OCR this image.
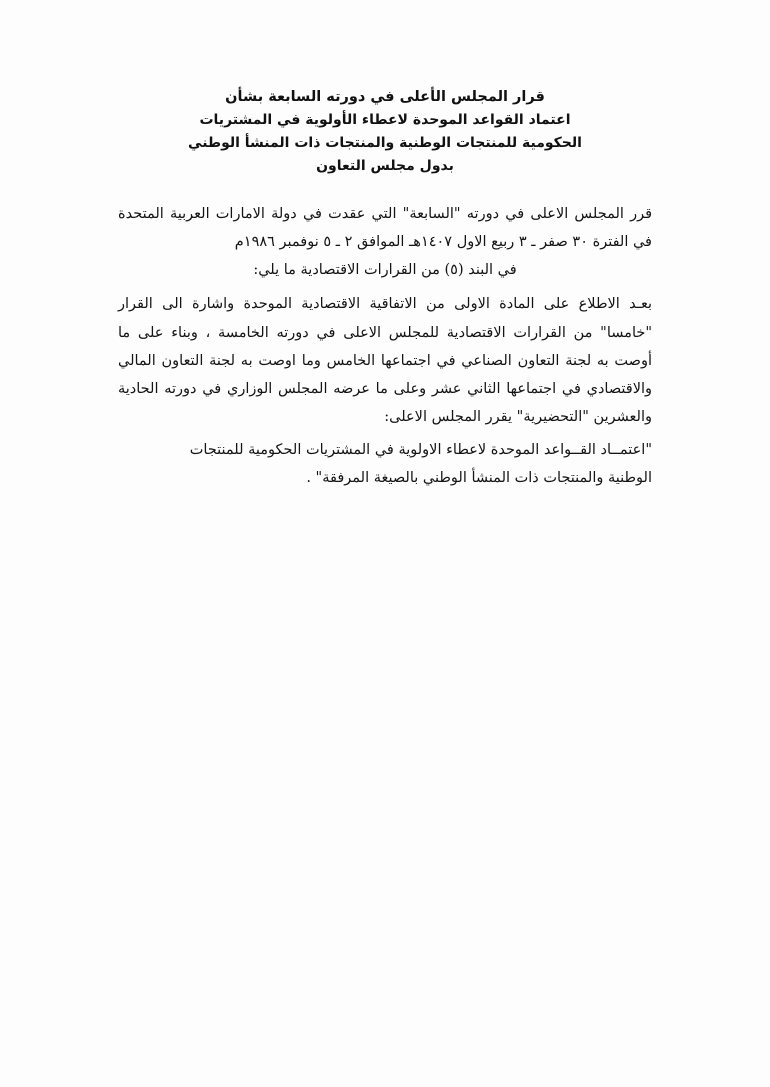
قرار المجلس الأعلى في دورته السابعة بشأن
اعتماد القواعد الموحدة لاعطاء الأولوية في المشتريات
الحكومية للمنتجات الوطنية والمنتجات ذات المنشأ الوطني
بدول مجلس التعاون

قرر المجلس الاعلى في دورته "السابعة" التي عقدت في دولة الامارات العربية المتحدة في الفترة ٣٠ صفر ـ ٣ ربيع الاول ١٤٠٧هـ الموافق ٢ ـ ٥ نوفمبر ١٩٨٦م
في البند (٥) من القرارات الاقتصادية ما يلي:

بعـد الاطلاع على المادة الاولى من الاتفاقية الاقتصادية الموحدة واشارة الى القرار "خامسا" من القرارات الاقتصادية للمجلس الاعلى في دورته الخامسة ، وبناء على ما أوصت به لجنة التعاون الصناعي في اجتماعها الخامس وما اوصت به لجنة التعاون المالي والاقتصادي في اجتماعها الثاني عشر وعلى ما عرضه المجلس الوزاري في دورته الحادية والعشرين "التحضيرية" يقرر المجلس الاعلى:

"اعتمــاد القــواعد الموحدة لاعطاء الاولوية في المشتريات الحكومية للمنتجات
الوطنية والمنتجات ذات المنشأ الوطني بالصيغة المرفقة" .
